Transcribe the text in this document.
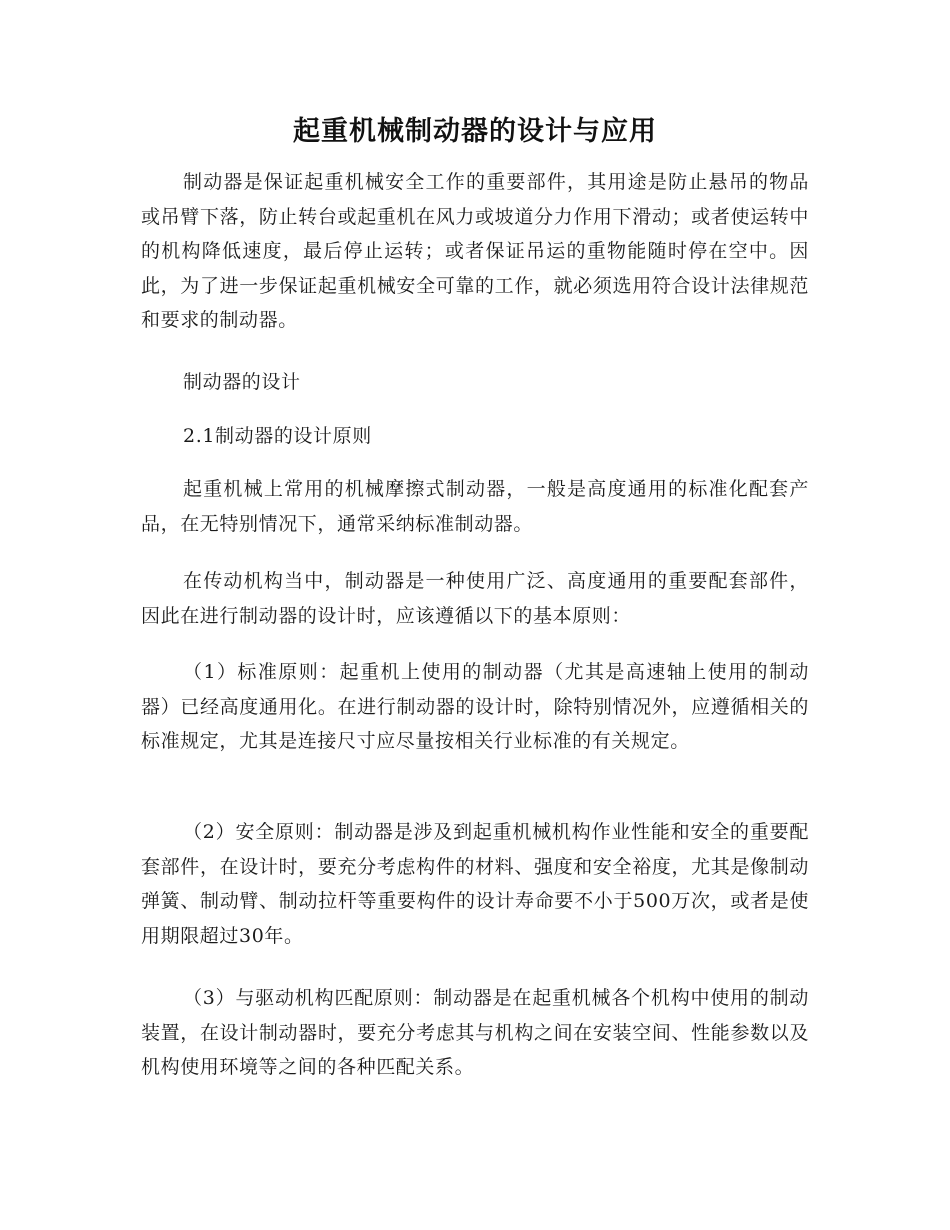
起重机械制动器的设计与应用

制动器是保证起重机械安全工作的重要部件，其用途是防止悬吊的物品或吊臂下落，防止转台或起重机在风力或坡道分力作用下滑动；或者使运转中的机构降低速度，最后停止运转；或者保证吊运的重物能随时停在空中。因此，为了进一步保证起重机械安全可靠的工作，就必须选用符合设计法律规范和要求的制动器。

制动器的设计

2.1制动器的设计原则

起重机械上常用的机械摩擦式制动器，一般是高度通用的标准化配套产品，在无特别情况下，通常采纳标准制动器。

在传动机构当中，制动器是一种使用广泛、高度通用的重要配套部件，因此在进行制动器的设计时，应该遵循以下的基本原则：

（1）标准原则：起重机上使用的制动器（尤其是高速轴上使用的制动器）已经高度通用化。在进行制动器的设计时，除特别情况外，应遵循相关的标准规定，尤其是连接尺寸应尽量按相关行业标准的有关规定。

（2）安全原则：制动器是涉及到起重机械机构作业性能和安全的重要配套部件，在设计时，要充分考虑构件的材料、强度和安全裕度，尤其是像制动弹簧、制动臂、制动拉杆等重要构件的设计寿命要不小于500万次，或者是使用期限超过30年。

（3）与驱动机构匹配原则：制动器是在起重机械各个机构中使用的制动装置，在设计制动器时，要充分考虑其与机构之间在安装空间、性能参数以及机构使用环境等之间的各种匹配关系。
